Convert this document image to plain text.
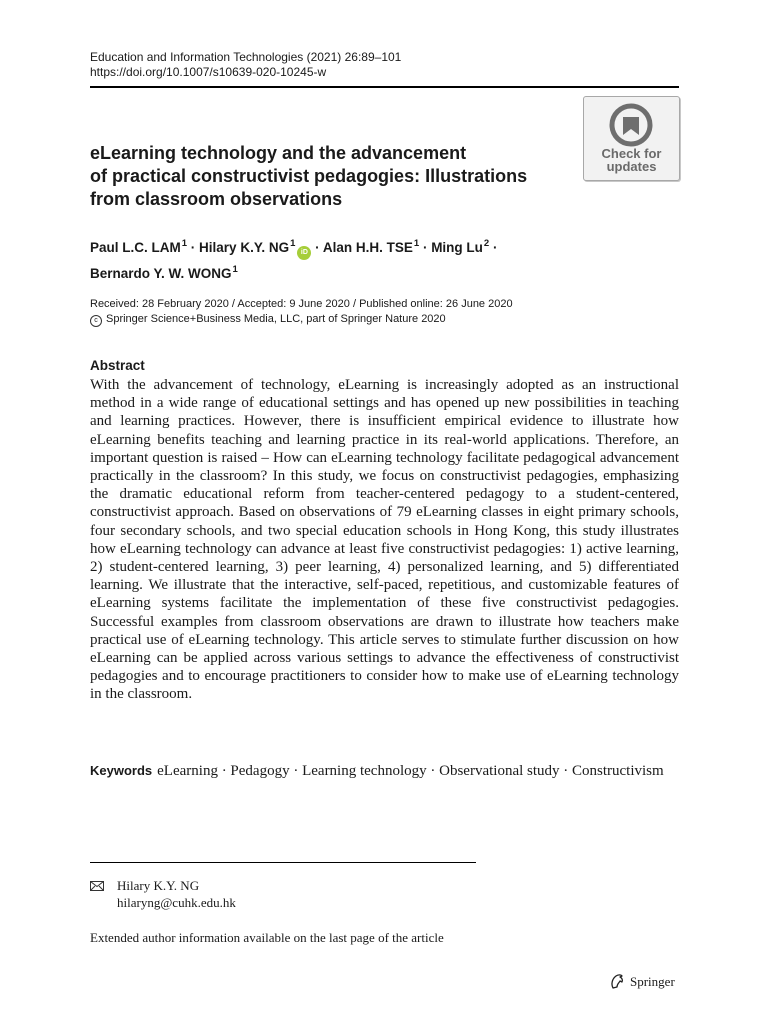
Education and Information Technologies (2021) 26:89–101
https://doi.org/10.1007/s10639-020-10245-w
Check for
updates
eLearning technology and the advancement
of practical constructivist pedagogies: Illustrations
from classroom observations
Paul L.C. $LAM^1$ · Hilary K.Y. $NG^1iD$ · Alan H.H. $TSE^1$ · Ming $Lu^2$ ·
Bernardo Y. W. WONG$^1$
Received: 28 February 2020 / Accepted: 9 June 2020 / Published online: 26 June 2020
c Springer Science+Business Media, LLC, part of Springer Nature 2020
Abstract

With the advancement of technology, eLearning is increasingly adopted as an instructional method in a wide range of educational settings and has opened up new possibilities in teaching and learning practices. However, there is insufficient empirical evidence to illustrate how eLearning benefits teaching and learning practice in its real-world applications. Therefore, an important question is raised – How can eLearning technology facilitate pedagogical advancement practically in the classroom? In this study, we focus on constructivist pedagogies, emphasizing the dramatic educational reform from teacher-centered pedagogy to a student-centered, constructivist approach. Based on observations of 79 eLearning classes in eight primary schools, four secondary schools, and two special education schools in Hong Kong, this study illustrates how eLearning technology can advance at least five constructivist pedagogies: 1) active learning, 2) student-centered learning, 3) peer learning, 4) personalized learning, and 5) differentiated learning. We illustrate that the interactive, self-paced, repetitious, and customizable features of eLearning systems facilitate the implementation of these five constructivist pedagogies. Successful examples from classroom observations are drawn to illustrate how teachers make practical use of eLearning technology. This article serves to stimulate further discussion on how eLearning can be applied across various settings to advance the effectiveness of constructivist pedagogies and to encourage practitioners to consider how to make use of eLearning technology in the classroom.

Keywords eLearning · Pedagogy · Learning technology · Observational study · Constructivism
Hilary K.Y. NG
hilaryng@cuhk.edu.hk
Extended author information available on the last page of the article
Springer
